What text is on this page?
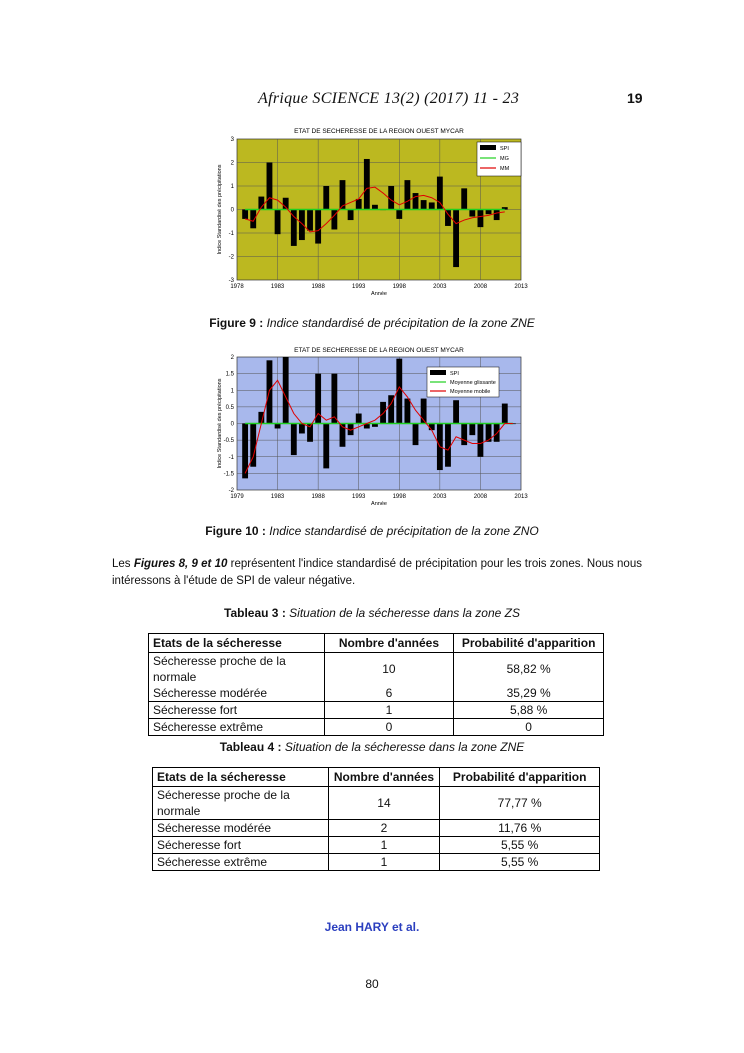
Afrique SCIENCE 13(2) (2017) 11 - 23	19
ETAT DE SECHERESSE DE LA REGION OUEST MYCAR
3
2
1
0
-1
-2
-3
1978	1983	1988	1993	1998	2003	2008	2013
Année
Indice Standardisé des précipitations
SPI
MG
MM
Figure 9 : Indice standardisé de précipitation de la zone ZNE
ETAT DE SECHERESSE DE LA REGION OUEST MYCAR
2
1.5
1
0.5
0
-0.5
-1
-1.5
-2
1979	1983	1988	1993	1998	2003	2008	2013
Année
Indice Standardisé des précipitations
SPI
Moyenne glissante
Moyenne mobile
Figure 10 : Indice standardisé de précipitation de la zone ZNO
Les Figures 8, 9 et 10 représentent l'indice standardisé de précipitation pour les trois zones. Nous nous intéressons à l'étude de SPI de valeur négative.
Tableau 3 : Situation de la sécheresse dans la zone ZS
Etats de la sécheresse	Nombre d'années	Probabilité d'apparition
Sécheresse proche de la normale	10	58,82 %
Sécheresse modérée	6	35,29 %
Sécheresse fort	1	5,88 %
Sécheresse extrême	0	0
Tableau 4 : Situation de la sécheresse dans la zone ZNE
Etats de la sécheresse	Nombre d'années	Probabilité d'apparition
Sécheresse proche de la normale	14	77,77 %
Sécheresse modérée	2	11,76 %
Sécheresse fort	1	5,55 %
Sécheresse extrême	1	5,55 %
Jean HARY et al.
80
